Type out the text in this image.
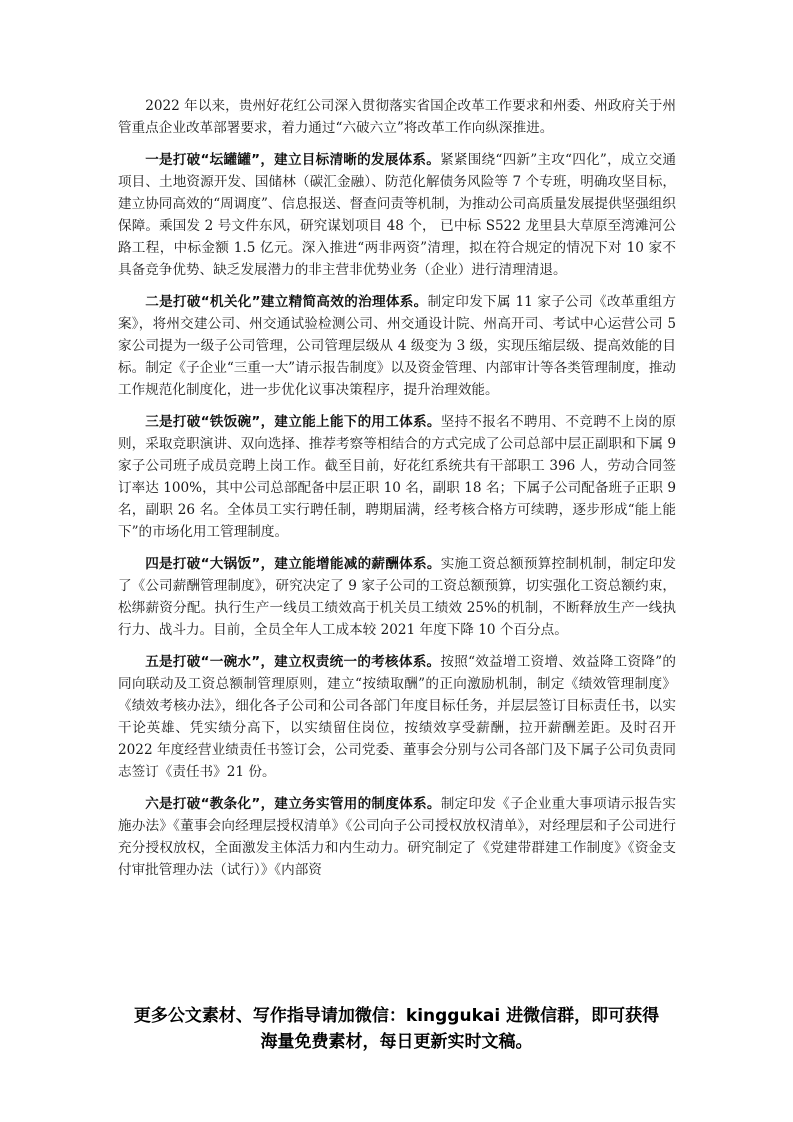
2022 年以来，贵州好花红公司深入贯彻落实省国企改革工作要求和州委、州政府关于州管重点企业改革部署要求，着力通过“六破六立”将改革工作向纵深推进。

一是打破“坛罐罐”，建立目标清晰的发展体系。紧紧围绕“四新”主攻“四化”，成立交通项目、土地资源开发、国储林（碳汇金融）、防范化解债务风险等 7 个专班，明确攻坚目标，建立协同高效的“周调度”、信息报送、督查问责等机制，为推动公司高质量发展提供坚强组织保障。乘国发 2 号文件东风，研究谋划项目 48 个， 已中标 S522 龙里县大草原至湾滩河公路工程，中标金额 1.5 亿元。深入推进“两非两资”清理，拟在符合规定的情况下对 10 家不具备竞争优势、缺乏发展潜力的非主营非优势业务（企业）进行清理清退。

二是打破“机关化”建立精简高效的治理体系。制定印发下属 11 家子公司《改革重组方案》，将州交建公司、州交通试验检测公司、州交通设计院、州高开司、考试中心运营公司 5 家公司提为一级子公司管理，公司管理层级从 4 级变为 3 级，实现压缩层级、提高效能的目标。制定《子企业“三重一大”请示报告制度》以及资金管理、内部审计等各类管理制度，推动工作规范化制度化，进一步优化议事决策程序，提升治理效能。

三是打破“铁饭碗”，建立能上能下的用工体系。坚持不报名不聘用、不竞聘不上岗的原则，采取竞职演讲、双向选择、推荐考察等相结合的方式完成了公司总部中层正副职和下属 9 家子公司班子成员竞聘上岗工作。截至目前，好花红系统共有干部职工 396 人，劳动合同签订率达 100%，其中公司总部配备中层正职 10 名，副职 18 名；下属子公司配备班子正职 9 名，副职 26 名。全体员工实行聘任制，聘期届满，经考核合格方可续聘，逐步形成“能上能下”的市场化用工管理制度。

四是打破“大锅饭”，建立能增能减的薪酬体系。实施工资总额预算控制机制，制定印发了《公司薪酬管理制度》，研究决定了 9 家子公司的工资总额预算，切实强化工资总额约束，松绑薪资分配。执行生产一线员工绩效高于机关员工绩效 25%的机制，不断释放生产一线执行力、战斗力。目前，全员全年人工成本较 2021 年度下降 10 个百分点。

五是打破“一碗水”，建立权责统一的考核体系。按照“效益增工资增、效益降工资降”的同向联动及工资总额制管理原则，建立“按绩取酬”的正向激励机制，制定《绩效管理制度》《绩效考核办法》，细化各子公司和公司各部门年度目标任务，并层层签订目标责任书，以实干论英雄、凭实绩分高下，以实绩留住岗位，按绩效享受薪酬，拉开薪酬差距。及时召开 2022 年度经营业绩责任书签订会，公司党委、董事会分别与公司各部门及下属子公司负责同志签订《责任书》21 份。

六是打破“教条化”，建立务实管用的制度体系。制定印发《子企业重大事项请示报告实施办法》《董事会向经理层授权清单》《公司向子公司授权放权清单》，对经理层和子公司进行充分授权放权，全面激发主体活力和内生动力。研究制定了《党建带群建工作制度》《资金支付审批管理办法（试行）》《内部资

更多公文素材、写作指导请加微信：kinggukai 进微信群，即可获得
海量免费素材，每日更新实时文稿。
